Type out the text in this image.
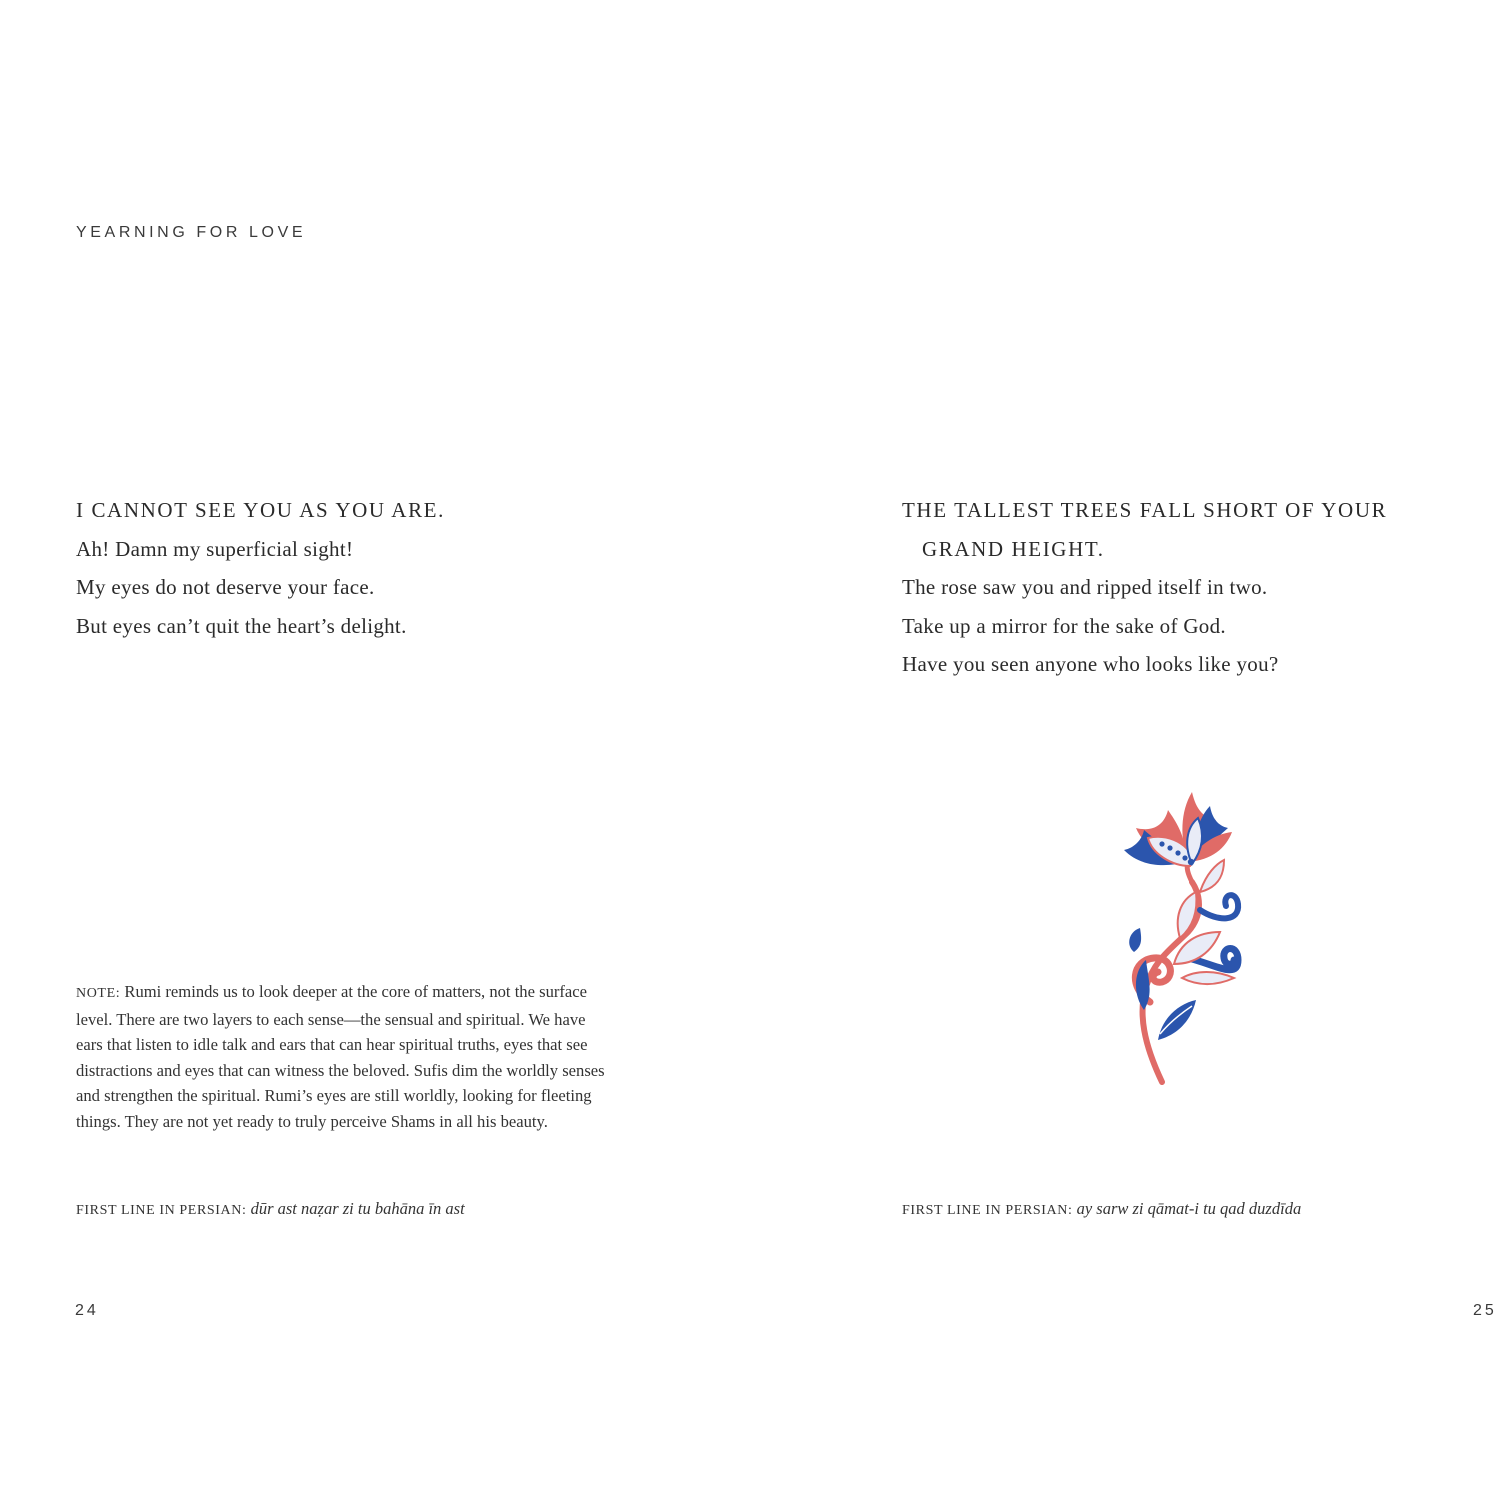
YEARNING FOR LOVE
I CANNOT SEE YOU AS YOU ARE.
Ah! Damn my superficial sight!
My eyes do not deserve your face.
But eyes can’t quit the heart’s delight.
THE TALLEST TREES FALL SHORT OF YOUR
GRAND HEIGHT.
The rose saw you and ripped itself in two.
Take up a mirror for the sake of God.
Have you seen anyone who looks like you?
NOTE: Rumi reminds us to look deeper at the core of matters, not the surface level. There are two layers to each sense—the sensual and spiritual. We have ears that listen to idle talk and ears that can hear spiritual truths, eyes that see distractions and eyes that can witness the beloved. Sufis dim the worldly senses and strengthen the spiritual. Rumi’s eyes are still worldly, looking for fleeting things. They are not yet ready to truly perceive Shams in all his beauty.
FIRST LINE IN PERSIAN: dūr ast naẓar zi tu bahāna īn ast	FIRST LINE IN PERSIAN: ay sarw zi qāmat-i tu qad duzdīda
24	25
